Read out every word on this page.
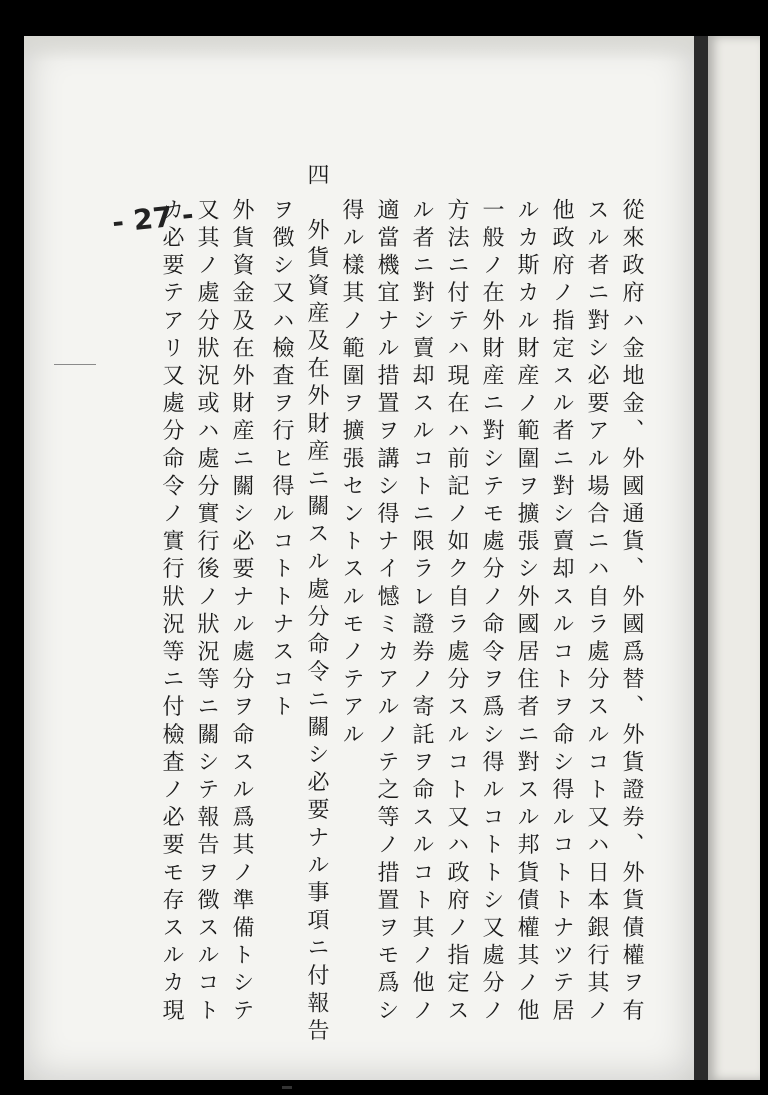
- 27 -	從來政府ハ金地金、外國通貨、外國爲替、外貨證券、外貨債權ヲ有
スル者ニ對シ必要アル場合ニハ自ラ處分スルコト又ハ日本銀行其ノ
他政府ノ指定スル者ニ對シ賣却スルコトヲ命シ得ルコトトナツテ居
ルカ斯カル財産ノ範圍ヲ擴張シ外國居住者ニ對スル邦貨債權其ノ他
一般ノ在外財産ニ對シテモ處分ノ命令ヲ爲シ得ルコトトシ又處分ノ
方法ニ付テハ現在ハ前記ノ如ク自ラ處分スルコト又ハ政府ノ指定ス
ル者ニ對シ賣却スルコトニ限ラレ證券ノ寄託ヲ命スルコト其ノ他ノ
適當機宜ナル措置ヲ講シ得ナイ憾ミカアルノテ之等ノ措置ヲモ爲シ
得ル樣其ノ範圍ヲ擴張セントスルモノテアル
四　外貨資産及在外財産ニ關スル處分命令ニ關シ必要ナル事項ニ付報告
ヲ徴シ又ハ檢査ヲ行ヒ得ルコトトナスコト
外貨資金及在外財産ニ關シ必要ナル處分ヲ命スル爲其ノ準備トシテ
又其ノ處分狀況或ハ處分實行後ノ狀況等ニ關シテ報告ヲ徴スルコト
カ必要テアリ又處分命令ノ實行狀況等ニ付檢査ノ必要モ存スルカ現
